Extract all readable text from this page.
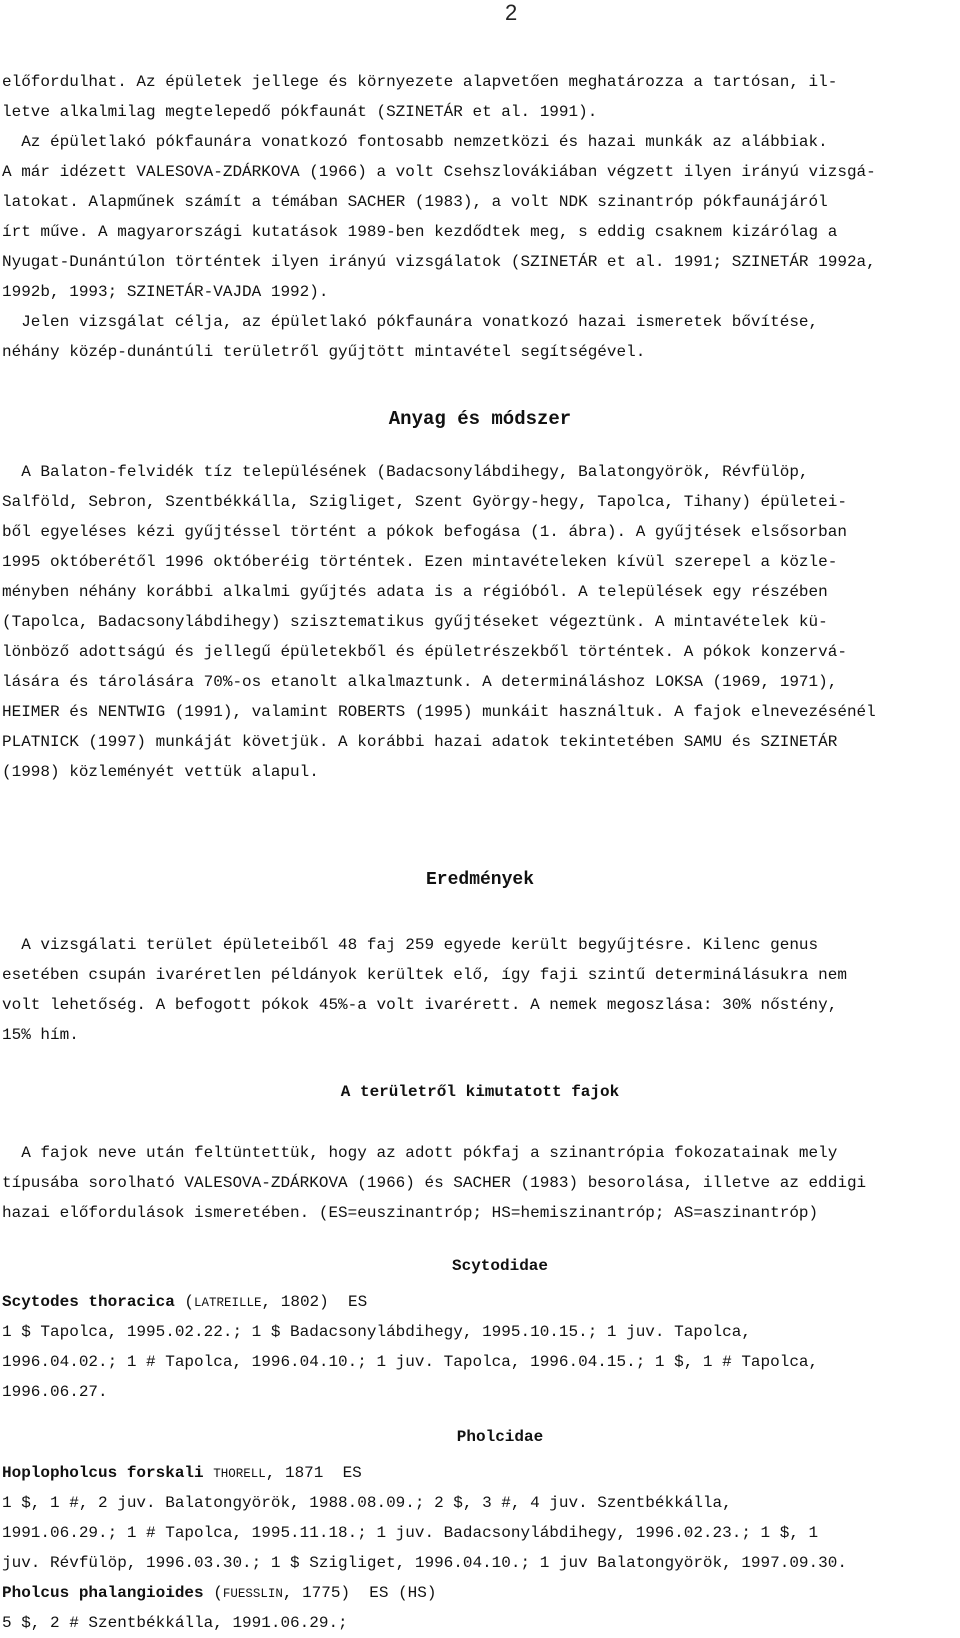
2
előfordulhat. Az épületek jellege és környezete alapvetően meghatározza a tartósan, il-
letve alkalmilag megtelepedő pókfaunát (SZINETÁR et al. 1991).
Az épületlakó pókfaunára vonatkozó fontosabb nemzetközi és hazai munkák az alábbiak.
A már idézett VALESOVA-ZDÁRKOVA (1966) a volt Csehszlovákiában végzett ilyen irányú vizsgá-
latokat. Alapműnek számít a témában SACHER (1983), a volt NDK szinantróp pókfaunájáról
írt műve. A magyarországi kutatások 1989-ben kezdődtek meg, s eddig csaknem kizárólag a
Nyugat-Dunántúlon történtek ilyen irányú vizsgálatok (SZINETÁR et al. 1991; SZINETÁR 1992a,
1992b, 1993; SZINETÁR-VAJDA 1992).
Jelen vizsgálat célja, az épületlakó pókfaunára vonatkozó hazai ismeretek bővítése,
néhány közép-dunántúli területről gyűjtött mintavétel segítségével.
Anyag és módszer
A Balaton-felvidék tíz településének (Badacsonylábdihegy, Balatongyörök, Révfülöp,
Salföld, Sebron, Szentbékkálla, Szigliget, Szent György-hegy, Tapolca, Tihany) épületei-
ből egyeléses kézi gyűjtéssel történt a pókok befogása (1. ábra). A gyűjtések elsősorban
1995 októberétől 1996 októberéig történtek. Ezen mintavételeken kívül szerepel a közle-
ményben néhány korábbi alkalmi gyűjtés adata is a régióból. A települések egy részében
(Tapolca, Badacsonylábdihegy) szisztematikus gyűjtéseket végeztünk. A mintavételek kü-
lönböző adottságú és jellegű épületekből és épületrészekből történtek. A pókok konzervá-
lására és tárolására 70%-os etanolt alkalmaztunk. A determináláshoz LOKSA (1969, 1971),
HEIMER és NENTWIG (1991), valamint ROBERTS (1995) munkáit használtuk. A fajok elnevezésénél
PLATNICK (1997) munkáját követjük. A korábbi hazai adatok tekintetében SAMU és SZINETÁR
(1998) közleményét vettük alapul.
Eredmények
A vizsgálati terület épületeiből 48 faj 259 egyede került begyűjtésre. Kilenc genus
esetében csupán ivaréretlen példányok kerültek elő, így faji szintű determinálásukra nem
volt lehetőség. A befogott pókok 45%-a volt ivarérett. A nemek megoszlása: 30% nőstény,
15% hím.
A területről kimutatott fajok
A fajok neve után feltüntettük, hogy az adott pókfaj a szinantrópia fokozatainak mely
típusába sorolható VALESOVA-ZDÁRKOVA (1966) és SACHER (1983) besorolása, illetve az eddigi
hazai előfordulások ismeretében. (ES=euszinantróp; HS=hemiszinantróp; AS=aszinantróp)
Scytodidae
Scytodes thoracica (LATREILLE, 1802)  ES
1 $ Tapolca, 1995.02.22.; 1 $ Badacsonylábdihegy, 1995.10.15.; 1 juv. Tapolca,
1996.04.02.; 1 # Tapolca, 1996.04.10.; 1 juv. Tapolca, 1996.04.15.; 1 $, 1 # Tapolca,
1996.06.27.
Pholcidae
Hoplopholcus forskali THORELL, 1871  ES
1 $, 1 #, 2 juv. Balatongyörök, 1988.08.09.; 2 $, 3 #, 4 juv. Szentbékkálla,
1991.06.29.; 1 # Tapolca, 1995.11.18.; 1 juv. Badacsonylábdihegy, 1996.02.23.; 1 $, 1
juv. Révfülöp, 1996.03.30.; 1 $ Szigliget, 1996.04.10.; 1 juv Balatongyörök, 1997.09.30.
Pholcus phalangioides (FUESSLIN, 1775)  ES (HS)
5 $, 2 # Szentbékkálla, 1991.06.29.;
